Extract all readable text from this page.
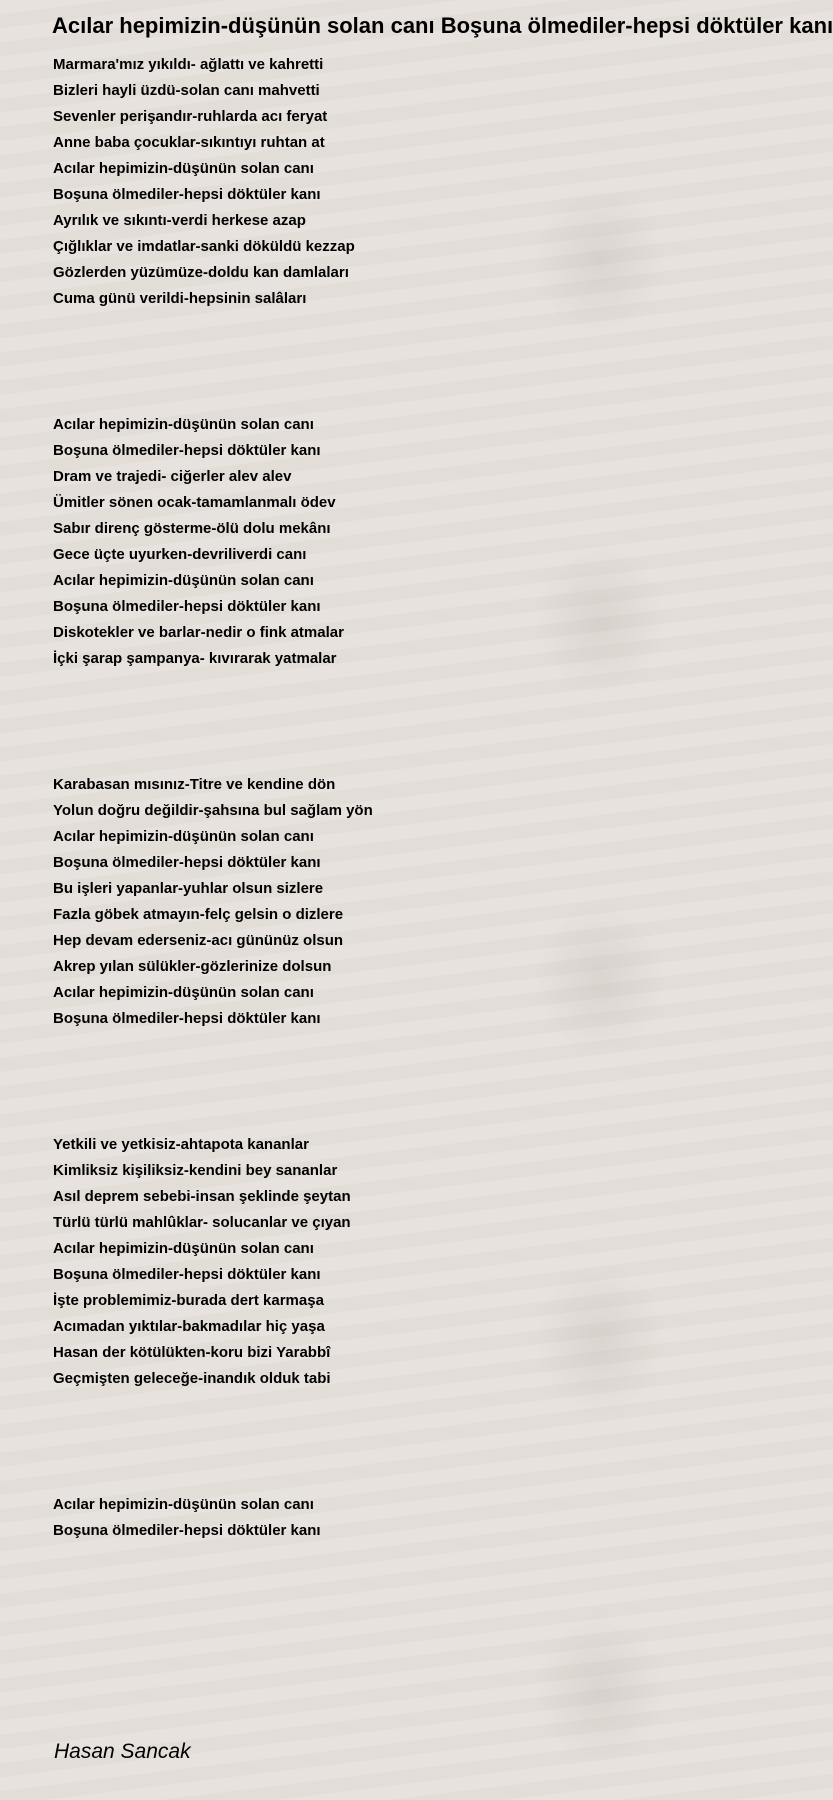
Acılar hepimizin-düşünün solan canı Boşuna ölmediler-hepsi döktüler kanı
Marmara'mız yıkıldı- ağlattı ve kahretti
Bizleri hayli üzdü-solan canı mahvetti
Sevenler perişandır-ruhlarda acı feryat
Anne baba çocuklar-sıkıntıyı ruhtan at
Acılar hepimizin-düşünün solan canı
Boşuna ölmediler-hepsi döktüler kanı
Ayrılık ve sıkıntı-verdi herkese azap
Çığlıklar ve imdatlar-sanki döküldü kezzap
Gözlerden yüzümüze-doldu kan damlaları
Cuma günü verildi-hepsinin salâları
Acılar hepimizin-düşünün solan canı
Boşuna ölmediler-hepsi döktüler kanı
Dram ve trajedi- ciğerler alev alev
Ümitler sönen ocak-tamamlanmalı ödev
Sabır direnç gösterme-ölü dolu mekânı
Gece üçte uyurken-devriliverdi canı
Acılar hepimizin-düşünün solan canı
Boşuna ölmediler-hepsi döktüler kanı
Diskotekler ve barlar-nedir o fink atmalar
İçki şarap şampanya- kıvırarak yatmalar
Karabasan mısınız-Titre ve kendine dön
Yolun doğru değildir-şahsına bul sağlam yön
Acılar hepimizin-düşünün solan canı
Boşuna ölmediler-hepsi döktüler kanı
Bu işleri yapanlar-yuhlar olsun sizlere
Fazla göbek atmayın-felç gelsin o dizlere
Hep devam ederseniz-acı gününüz olsun
Akrep yılan sülükler-gözlerinize dolsun
Acılar hepimizin-düşünün solan canı
Boşuna ölmediler-hepsi döktüler kanı
Yetkili ve yetkisiz-ahtapota kananlar
Kimliksiz kişiliksiz-kendini bey sananlar
Asıl deprem sebebi-insan şeklinde şeytan
Türlü türlü mahlûklar- solucanlar ve çıyan
Acılar hepimizin-düşünün solan canı
Boşuna ölmediler-hepsi döktüler kanı
İşte problemimiz-burada dert karmaşa
Acımadan yıktılar-bakmadılar hiç yaşa
Hasan der kötülükten-koru bizi Yarabbî
Geçmişten geleceğe-inandık olduk tabi
Acılar hepimizin-düşünün solan canı
Boşuna ölmediler-hepsi döktüler kanı

Hasan Sancak
